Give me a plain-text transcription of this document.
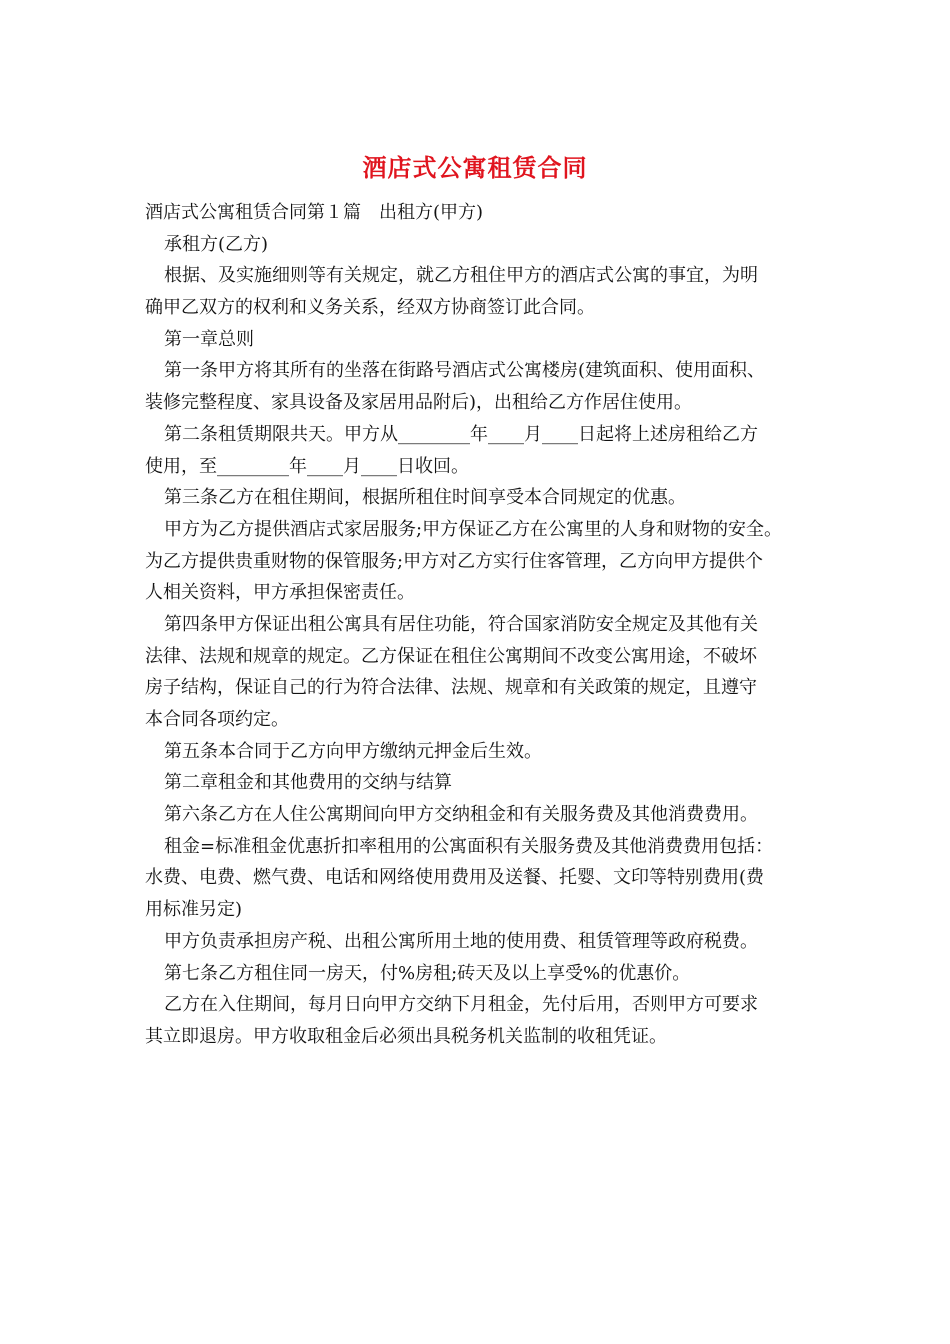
酒店式公寓租赁合同
酒店式公寓租赁合同第１篇　出租方(甲方)
承租方(乙方)
根据、及实施细则等有关规定，就乙方租住甲方的酒店式公寓的事宜，为明
确甲乙双方的权利和义务关系，经双方协商签订此合同。
第一章总则
第一条甲方将其所有的坐落在街路号酒店式公寓楼房(建筑面积、使用面积、
装修完整程度、家具设备及家居用品附后)，出租给乙方作居住使用。
第二条租赁期限共天。甲方从________年____月____日起将上述房租给乙方
使用，至________年____月____日收回。
第三条乙方在租住期间，根据所租住时间享受本合同规定的优惠。
甲方为乙方提供酒店式家居服务;甲方保证乙方在公寓里的人身和财物的安全。
为乙方提供贵重财物的保管服务;甲方对乙方实行住客管理，乙方向甲方提供个
人相关资料，甲方承担保密责任。
第四条甲方保证出租公寓具有居住功能，符合国家消防安全规定及其他有关
法律、法规和规章的规定。乙方保证在租住公寓期间不改变公寓用途，不破坏
房子结构，保证自己的行为符合法律、法规、规章和有关政策的规定，且遵守
本合同各项约定。
第五条本合同于乙方向甲方缴纳元押金后生效。
第二章租金和其他费用的交纳与结算
第六条乙方在人住公寓期间向甲方交纳租金和有关服务费及其他消费费用。
租金=标准租金优惠折扣率租用的公寓面积有关服务费及其他消费费用包括：
水费、电费、燃气费、电话和网络使用费用及送餐、托婴、文印等特别费用(费
用标准另定)
甲方负责承担房产税、出租公寓所用土地的使用费、租赁管理等政府税费。
第七条乙方租住同一房天，付%房租;砖天及以上享受%的优惠价。
乙方在入住期间，每月日向甲方交纳下月租金，先付后用，否则甲方可要求
其立即退房。甲方收取租金后必须出具税务机关监制的收租凭证。
